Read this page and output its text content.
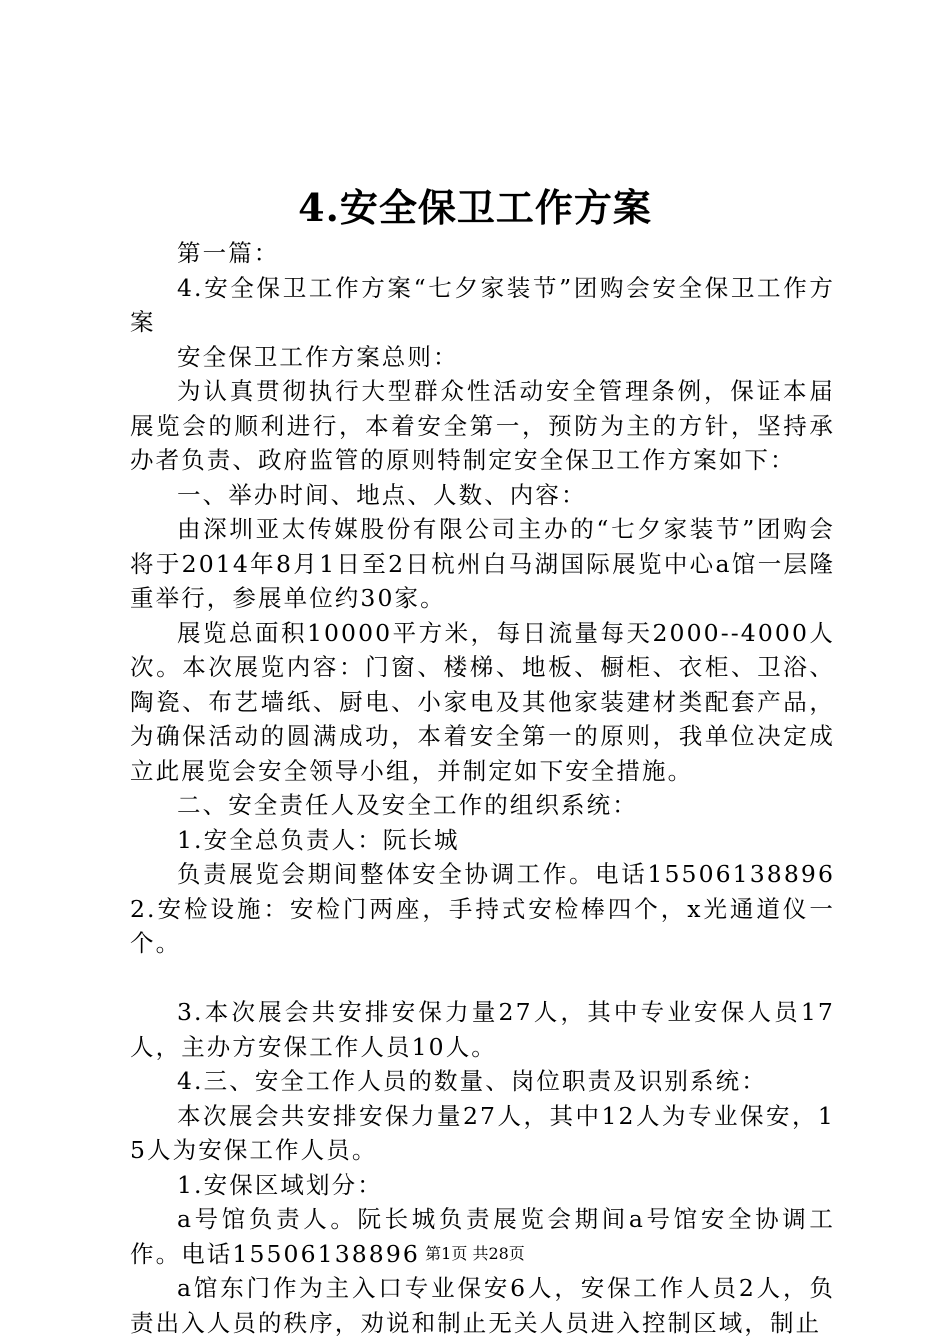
4.安全保卫工作方案

第一篇：

4.安全保卫工作方案“七夕家装节”团购会安全保卫工作方案

安全保卫工作方案总则：

为认真贯彻执行大型群众性活动安全管理条例，保证本届展览会的顺利进行，本着安全第一，预防为主的方针，坚持承办者负责、政府监管的原则特制定安全保卫工作方案如下：

一、举办时间、地点、人数、内容：

由深圳亚太传媒股份有限公司主办的“七夕家装节”团购会将于2014年8月1日至2日杭州白马湖国际展览中心a馆一层隆重举行，参展单位约30家。

展览总面积10000平方米，每日流量每天2000--4000人次。本次展览内容：门窗、楼梯、地板、橱柜、衣柜、卫浴、陶瓷、布艺墙纸、厨电、小家电及其他家装建材类配套产品，为确保活动的圆满成功，本着安全第一的原则，我单位决定成立此展览会安全领导小组，并制定如下安全措施。

二、安全责任人及安全工作的组织系统：

1.安全总负责人：阮长城

负责展览会期间整体安全协调工作。电话15506138896 2.安检设施：安检门两座，手持式安检棒四个，x光通道仪一个。

3.本次展会共安排安保力量27人，其中专业安保人员17人，主办方安保工作人员10人。

4.三、安全工作人员的数量、岗位职责及识别系统：

本次展会共安排安保力量27人，其中12人为专业保安，15人为安保工作人员。

1.安保区域划分：

a号馆负责人。阮长城负责展览会期间a号馆安全协调工作。电话15506138896

a馆东门作为主入口专业保安6人，安保工作人员2人，负责出入人员的秩序，劝说和制止无关人员进入控制区域，制止

第1页 共28页
